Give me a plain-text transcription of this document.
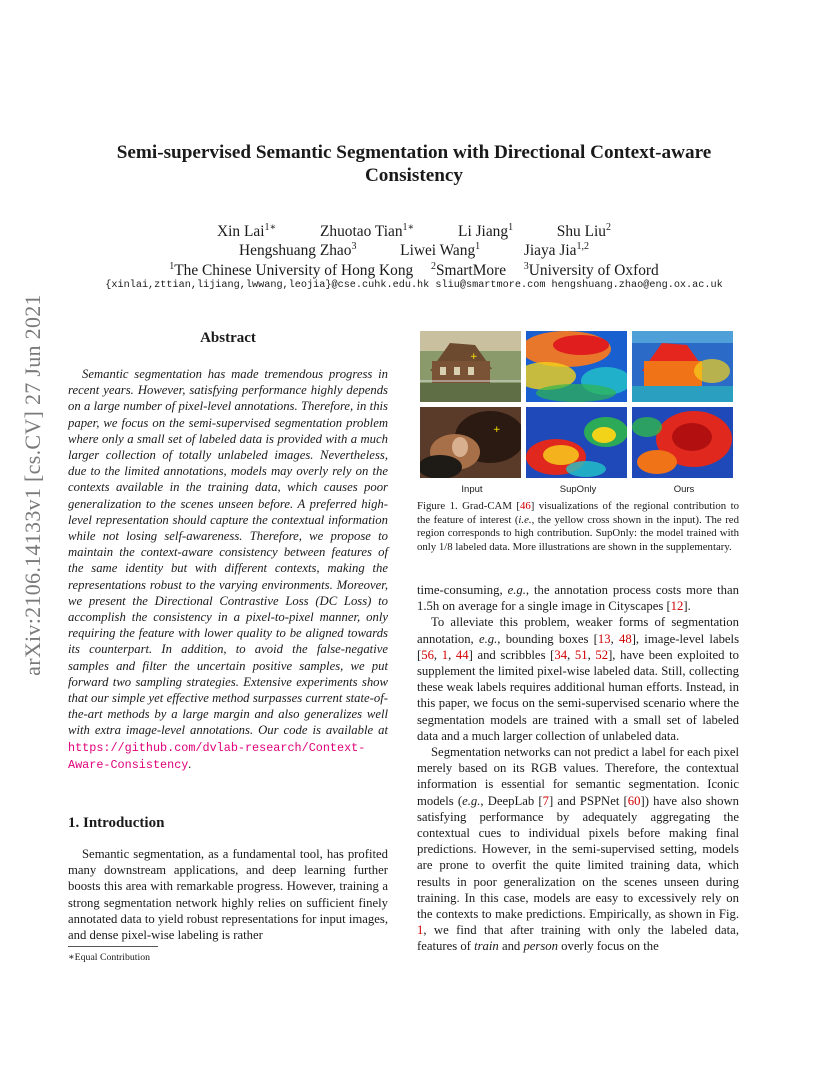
arXiv:2106.14133v1 [cs.CV] 27 Jun 2021
Semi-supervised Semantic Segmentation with Directional Context-aware
Consistency
Xin Lai$^{1∗}$	Zhuotao Tian$^{1∗}$	Li Jiang$^1$	Shu Liu$^2$
Hengshuang Zhao$^3$	Liwei Wang$^1$	Jiaya Jia$^{1,2}$
$^1$The Chinese University of Hong Kong $^2$SmartMore $^3$University of Oxford
{xinlai,zttian,lijiang,lwwang,leojia}@cse.cuhk.edu.hk sliu@smartmore.com hengshuang.zhao@eng.ox.ac.uk
Abstract
Semantic segmentation has made tremendous progress in recent years. However, satisfying performance highly depends on a large number of pixel-level annotations. Therefore, in this paper, we focus on the semi-supervised segmentation problem where only a small set of labeled data is provided with a much larger collection of totally unlabeled images. Nevertheless, due to the limited annotations, models may overly rely on the contexts available in the training data, which causes poor generalization to the scenes unseen before. A preferred high-level representation should capture the contextual information while not losing self-awareness. Therefore, we propose to maintain the context-aware consistency between features of the same identity but with different contexts, making the representations robust to the varying environments. Moreover, we present the Directional Contrastive Loss (DC Loss) to accomplish the consistency in a pixel-to-pixel manner, only requiring the feature with lower quality to be aligned towards its counterpart. In addition, to avoid the false-negative samples and filter the uncertain positive samples, we put forward two sampling strategies. Extensive experiments show that our simple yet effective method surpasses current state-of-the-art methods by a large margin and also generalizes well with extra image-level annotations. Our code is available at https://github.com/dvlab-research/Context-Aware-Consistency.
1. Introduction
Semantic segmentation, as a fundamental tool, has profited many downstream applications, and deep learning further boosts this area with remarkable progress. However, training a strong segmentation network highly relies on sufficient finely annotated data to yield robust representations for input images, and dense pixel-wise labeling is rather
∗Equal Contribution
+
+
Input	SupOnly	Ours
Figure 1. Grad-CAM [46] visualizations of the regional contribution to the feature of interest (i.e., the yellow cross shown in the input). The red region corresponds to high contribution. SupOnly: the model trained with only 1/8 labeled data. More illustrations are shown in the supplementary.
time-consuming, e.g., the annotation process costs more than 1.5h on average for a single image in Cityscapes [12].
To alleviate this problem, weaker forms of segmentation annotation, e.g., bounding boxes [13, 48], image-level labels [56, 1, 44] and scribbles [34, 51, 52], have been exploited to supplement the limited pixel-wise labeled data. Still, collecting these weak labels requires additional human efforts. Instead, in this paper, we focus on the semi-supervised scenario where the segmentation models are trained with a small set of labeled data and a much larger collection of unlabeled data.
Segmentation networks can not predict a label for each pixel merely based on its RGB values. Therefore, the contextual information is essential for semantic segmentation. Iconic models (e.g., DeepLab [7] and PSPNet [60]) have also shown satisfying performance by adequately aggregating the contextual cues to individual pixels before making final predictions. However, in the semi-supervised setting, models are prone to overfit the quite limited training data, which results in poor generalization on the scenes unseen during training. In this case, models are easy to excessively rely on the contexts to make predictions. Empirically, as shown in Fig. 1, we find that after training with only the labeled data, features of train and person overly focus on the
